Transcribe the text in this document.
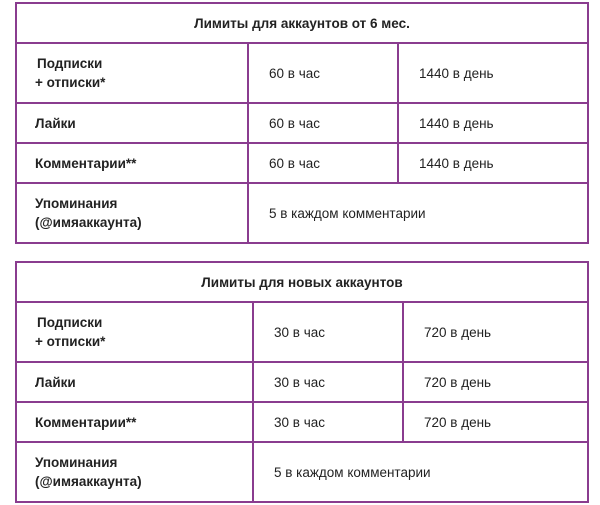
Лимиты для аккаунтов от 6 мес.		

Подписки
+ отписки*	60 в час	1440 в день
Лайки	60 в час	1440 в день
Комментарии**	60 в час	1440 в день

Упоминания
(@имяаккаунта)	5 в каждом комментарии	
Лимиты для новых аккаунтов		

Подписки
+ отписки*	30 в час	720 в день
Лайки	30 в час	720 в день
Комментарии**	30 в час	720 в день

Упоминания
(@имяаккаунта)	5 в каждом комментарии	
